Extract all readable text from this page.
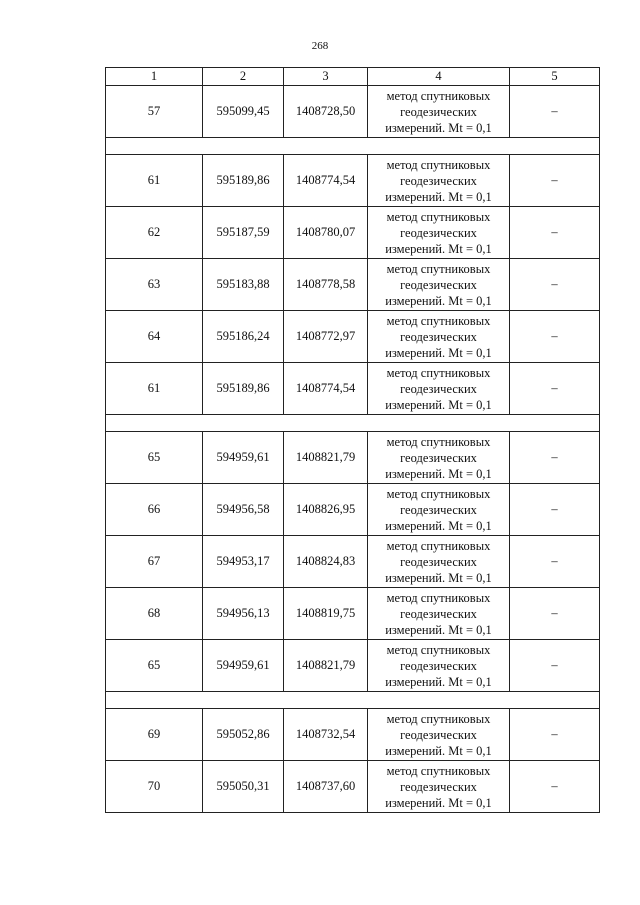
268
1	2	3	4	5
57	595099,45	1408728,50	метод спутниковых
геодезических
измерений. Mt = 0,1	–

61	595189,86	1408774,54	метод спутниковых
геодезических
измерений. Mt = 0,1	–
62	595187,59	1408780,07	метод спутниковых
геодезических
измерений. Mt = 0,1	–
63	595183,88	1408778,58	метод спутниковых
геодезических
измерений. Mt = 0,1	–
64	595186,24	1408772,97	метод спутниковых
геодезических
измерений. Mt = 0,1	–
61	595189,86	1408774,54	метод спутниковых
геодезических
измерений. Mt = 0,1	–

65	594959,61	1408821,79	метод спутниковых
геодезических
измерений. Mt = 0,1	–
66	594956,58	1408826,95	метод спутниковых
геодезических
измерений. Mt = 0,1	–
67	594953,17	1408824,83	метод спутниковых
геодезических
измерений. Mt = 0,1	–
68	594956,13	1408819,75	метод спутниковых
геодезических
измерений. Mt = 0,1	–
65	594959,61	1408821,79	метод спутниковых
геодезических
измерений. Mt = 0,1	–

69	595052,86	1408732,54	метод спутниковых
геодезических
измерений. Mt = 0,1	–
70	595050,31	1408737,60	метод спутниковых
геодезических
измерений. Mt = 0,1	–
